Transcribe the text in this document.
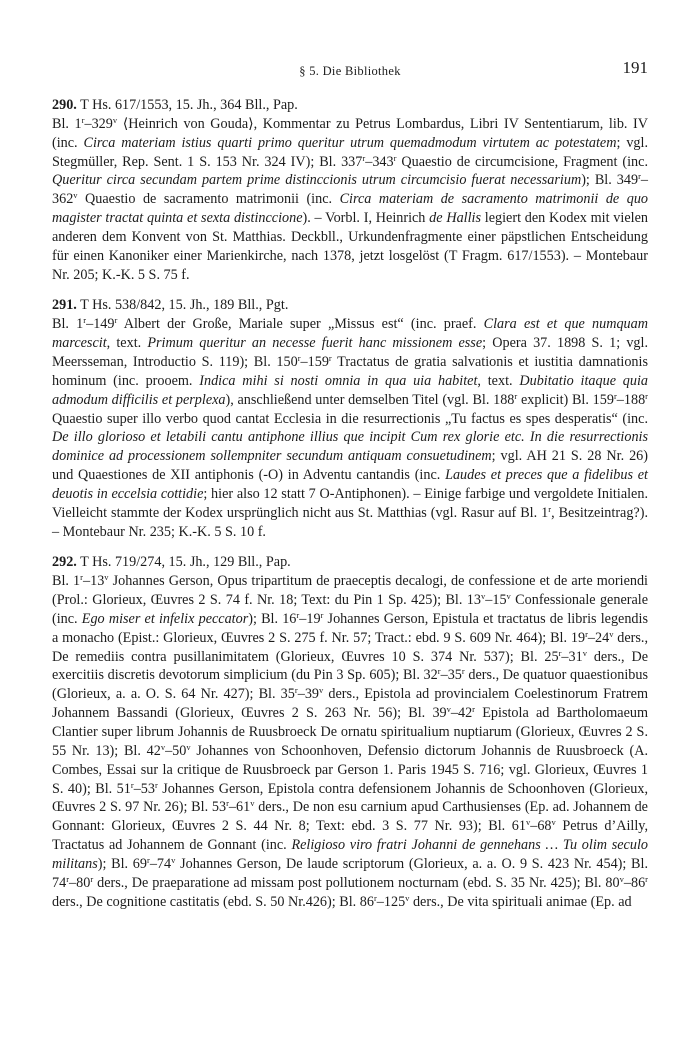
§ 5. Die Bibliothek	191
290. T Hs. 617/1553, 15. Jh., 364 Bll., Pap.

Bl. 1$^r$–329$^v$ ⟨Heinrich von Gouda⟩, Kommentar zu Petrus Lombardus, Libri IV Sententiarum, lib. IV (inc. Circa materiam istius quarti primo queritur utrum quemadmodum virtutem ac potestatem; vgl. Stegmüller, Rep. Sent. 1 S. 153 Nr. 324 IV); Bl. 337$^r$–343$^r$ Quaestio de circumcisione, Fragment (inc. Queritur circa secundam partem prime distinccionis utrum circumcisio fuerat necessarium); Bl. 349$^r$–362$^v$ Quaestio de sacramento matrimonii (inc. Circa materiam de sacramento matrimonii de quo magister tractat quinta et sexta distinccione). – Vorbl. I, Heinrich de Hallis legiert den Kodex mit vielen anderen dem Konvent von St. Matthias. Deckbll., Urkundenfragmente einer päpstlichen Entscheidung für einen Kanoniker einer Marienkirche, nach 1378, jetzt losgelöst (T Fragm. 617/1553). – Montebaur Nr. 205; K.-K. 5 S. 75 f.

291. T Hs. 538/842, 15. Jh., 189 Bll., Pgt.

Bl. 1$^r$–149$^r$ Albert der Große, Mariale super „Missus est“ (inc. praef. Clara est et que numquam marcescit, text. Primum queritur an necesse fuerit hanc missionem esse; Opera 37. 1898 S. 1; vgl. Meersseman, Introductio S. 119); Bl. 150$^r$–159$^r$ Tractatus de gratia salvationis et iustitia damnationis hominum (inc. prooem. Indica mihi si nosti omnia in qua uia habitet, text. Dubitatio itaque quia admodum difficilis et perplexa), anschließend unter demselben Titel (vgl. Bl. 188$^r$ explicit) Bl. 159$^r$–188$^r$ Quaestio super illo verbo quod cantat Ecclesia in die resurrectionis „Tu factus es spes desperatis“ (inc. De illo glorioso et letabili cantu antiphone illius que incipit Cum rex glorie etc. In die resurrectionis dominice ad processionem sollempniter secundum antiquam consuetudinem; vgl. AH 21 S. 28 Nr. 26) und Quaestiones de XII antiphonis (-O) in Adventu cantandis (inc. Laudes et preces que a fidelibus et deuotis in eccelsia cottidie; hier also 12 statt 7 O-Antiphonen). – Einige farbige und vergoldete Initialen. Vielleicht stammte der Kodex ursprünglich nicht aus St. Matthias (vgl. Rasur auf Bl. 1$^r$, Besitzeintrag?). – Montebaur Nr. 235; K.-K. 5 S. 10 f.

292. T Hs. 719/274, 15. Jh., 129 Bll., Pap.

Bl. 1$^r$–13$^v$ Johannes Gerson, Opus tripartitum de praeceptis decalogi, de confessione et de arte moriendi (Prol.: Glorieux, Œuvres 2 S. 74 f. Nr. 18; Text: du Pin 1 Sp. 425); Bl. 13$^v$–15$^v$ Confessionale generale (inc. Ego miser et infelix peccator); Bl. 16$^r$–19$^r$ Johannes Gerson, Epistula et tractatus de libris legendis a monacho (Epist.: Glorieux, Œuvres 2 S. 275 f. Nr. 57; Tract.: ebd. 9 S. 609 Nr. 464); Bl. 19$^r$–24$^v$ ders., De remediis contra pusillanimitatem (Glorieux, Œuvres 10 S. 374 Nr. 537); Bl. 25$^r$–31$^v$ ders., De exercitiis discretis devotorum simplicium (du Pin 3 Sp. 605); Bl. 32$^r$–35$^r$ ders., De quatuor quaestionibus (Glorieux, a. a. O. S. 64 Nr. 427); Bl. 35$^r$–39$^v$ ders., Epistola ad provincialem Coelestinorum Fratrem Johannem Bassandi (Glorieux, Œuvres 2 S. 263 Nr. 56); Bl. 39$^v$–42$^r$ Epistola ad Bartholomaeum Clantier super librum Johannis de Ruusbroeck De ornatu spiritualium nuptiarum (Glorieux, Œuvres 2 S. 55 Nr. 13); Bl. 42$^v$–50$^v$ Johannes von Schoonhoven, Defensio dictorum Johannis de Ruusbroeck (A. Combes, Essai sur la critique de Ruusbroeck par Gerson 1. Paris 1945 S. 716; vgl. Glorieux, Œuvres 1 S. 40); Bl. 51$^r$–53$^r$ Johannes Gerson, Epistola contra defensionem Johannis de Schoonhoven (Glorieux, Œuvres 2 S. 97 Nr. 26); Bl. 53$^r$–61$^v$ ders., De non esu carnium apud Carthusienses (Ep. ad. Johannem de Gonnant: Glorieux, Œuvres 2 S. 44 Nr. 8; Text: ebd. 3 S. 77 Nr. 93); Bl. 61$^v$–68$^v$ Petrus d’Ailly, Tractatus ad Johannem de Gonnant (inc. Religioso viro fratri Johanni de gennehans … Tu olim seculo militans); Bl. 69$^r$–74$^v$ Johannes Gerson, De laude scriptorum (Glorieux, a. a. O. 9 S. 423 Nr. 454); Bl. 74$^r$–80$^r$ ders., De praeparatione ad missam post pollutionem nocturnam (ebd. S. 35 Nr. 425); Bl. 80$^v$–86$^r$ ders., De cognitione castitatis (ebd. S. 50 Nr.426); Bl. 86$^r$–125$^v$ ders., De vita spirituali animae (Ep. ad
